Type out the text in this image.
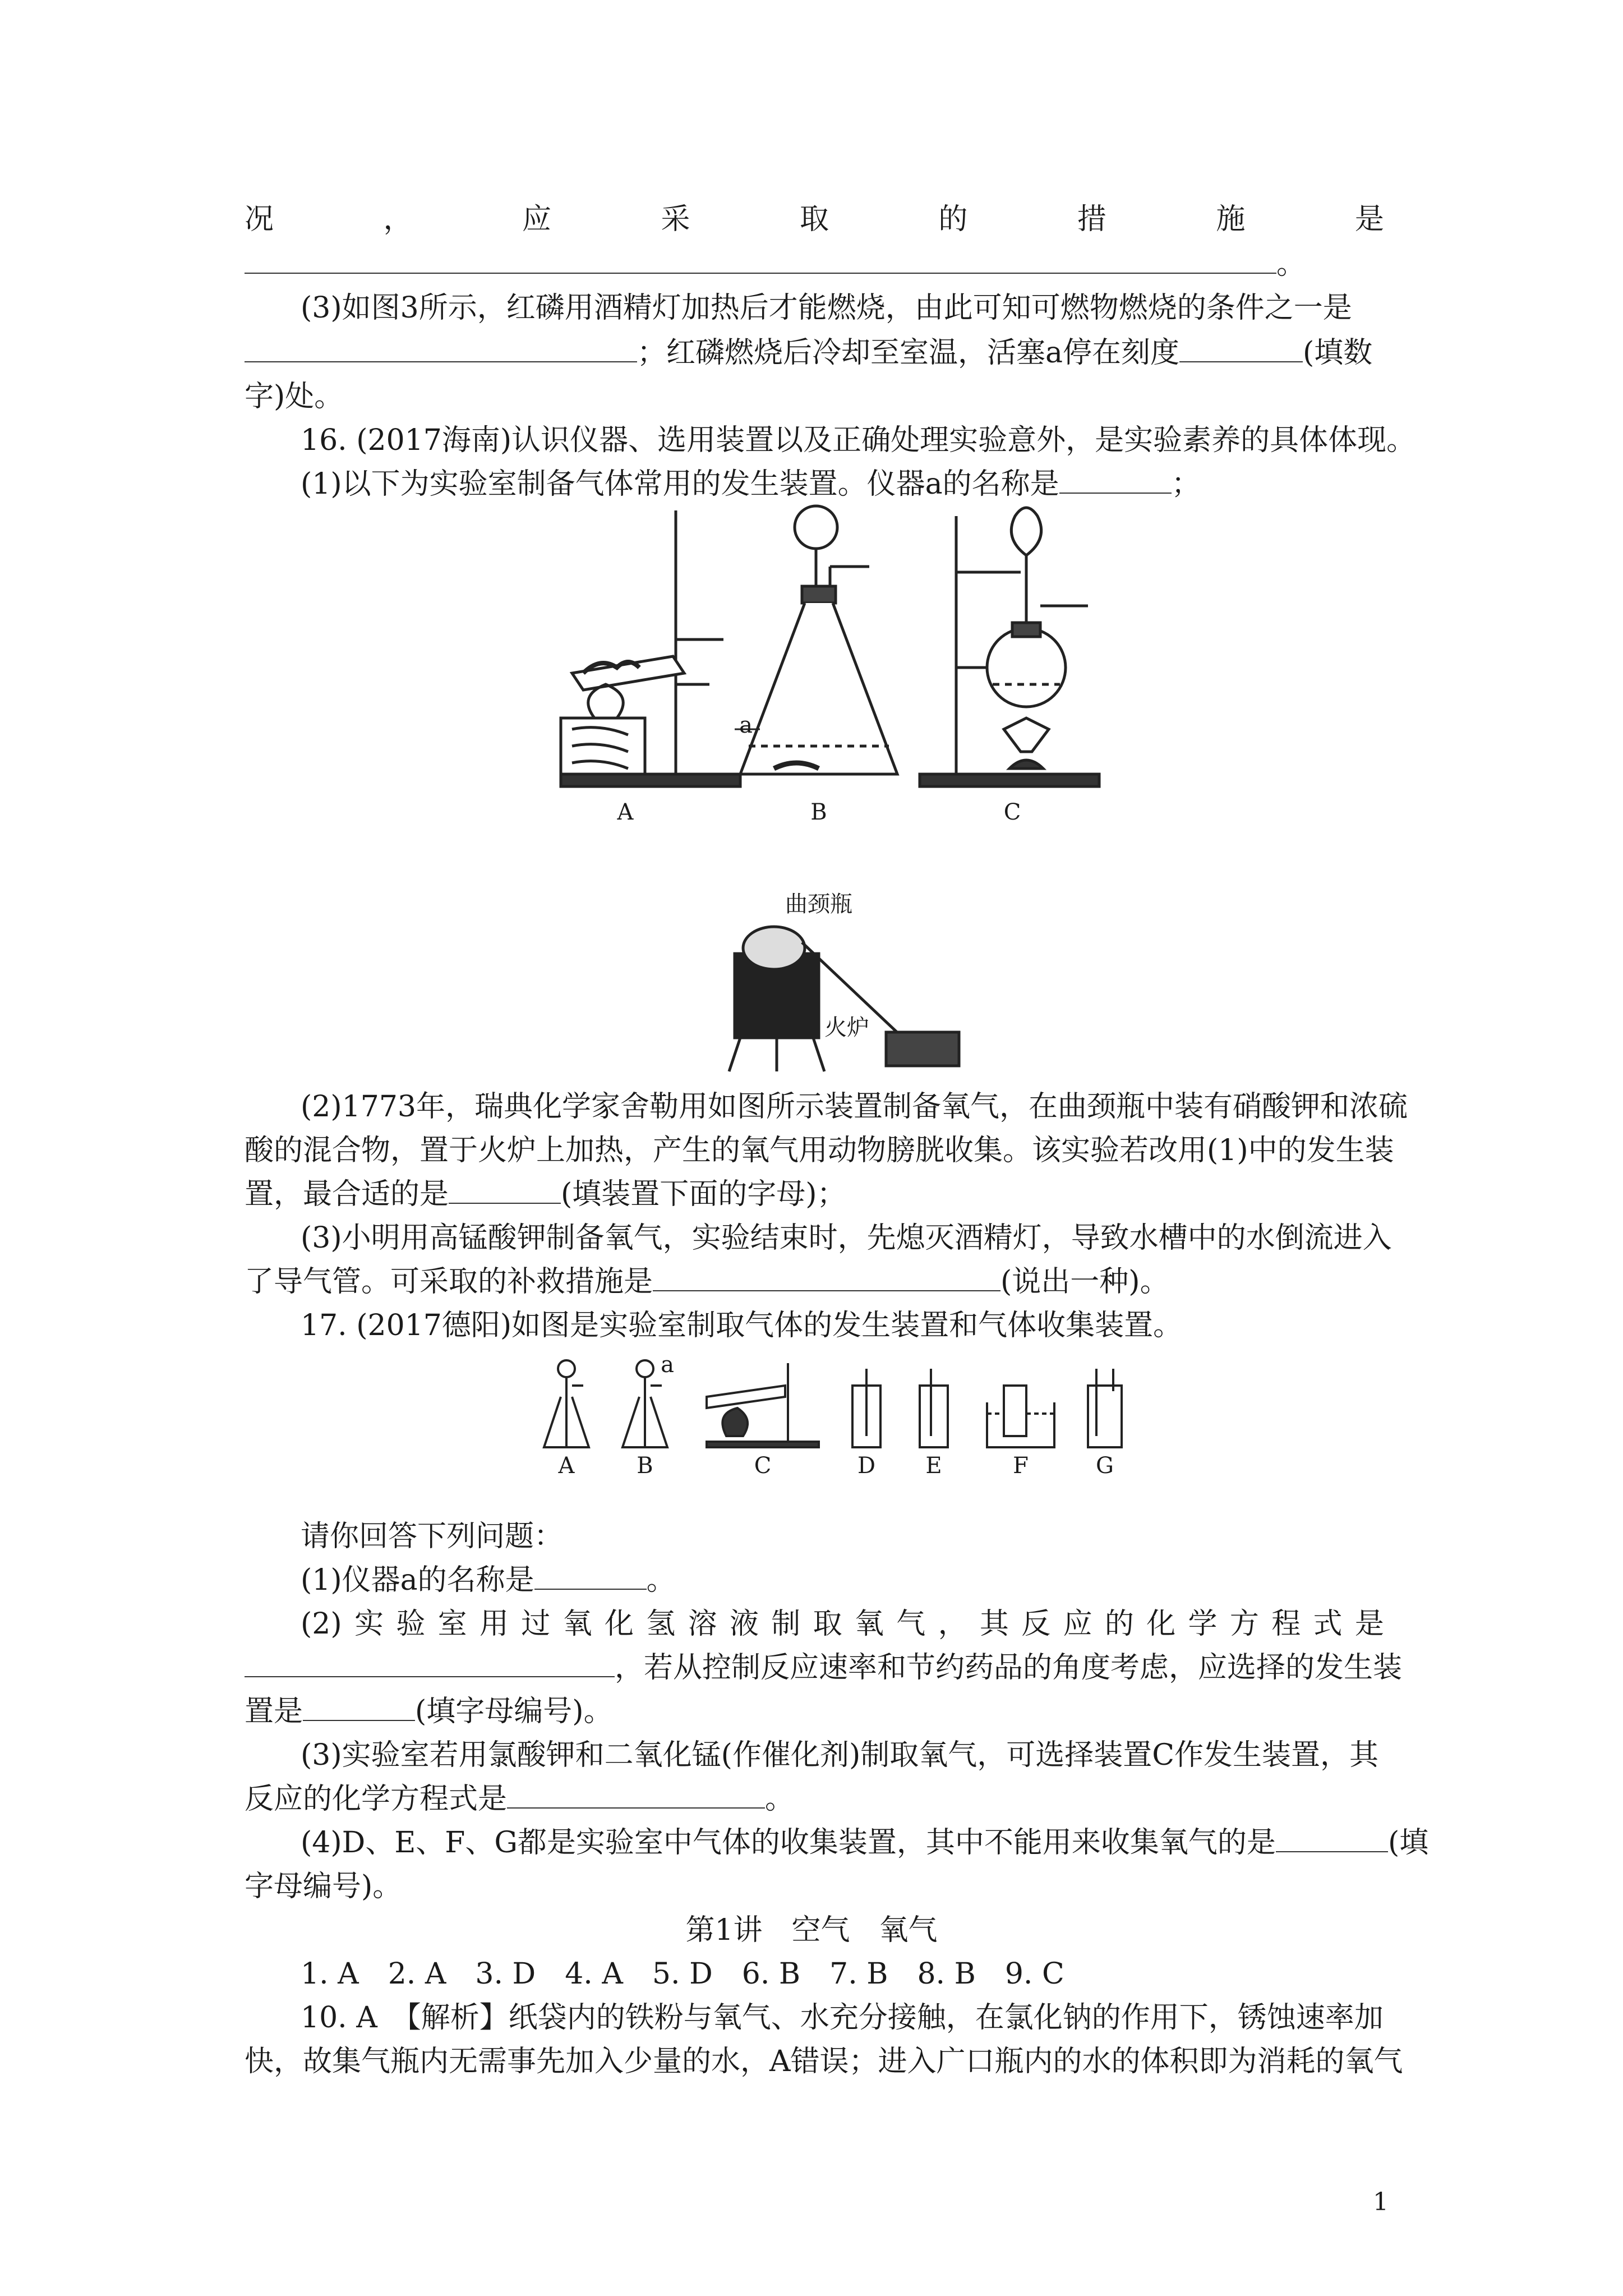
况	，	应	采	取	的	措	施	是
。
(3)如图3所示，红磷用酒精灯加热后才能燃烧，由此可知可燃物燃烧的条件之一是
；红磷燃烧后冷却至室温，活塞a停在刻度	(填数
字)处。
16. (2017海南)认识仪器、选用装置以及正确处理实验意外，是实验素养的具体体现。
(1)以下为实验室制备气体常用的发生装置。仪器a的名称是	；
A	B	C
a
曲颈瓶
火炉
(2)1773年，瑞典化学家舍勒用如图所示装置制备氧气，在曲颈瓶中装有硝酸钾和浓硫
酸的混合物，置于火炉上加热，产生的氧气用动物膀胱收集。该实验若改用(1)中的发生装
置，最合适的是	(填装置下面的字母)；
(3)小明用高锰酸钾制备氧气，实验结束时，先熄灭酒精灯，导致水槽中的水倒流进入
了导气管。可采取的补救措施是	(说出一种)。
17. (2017德阳)如图是实验室制取气体的发生装置和气体收集装置。
A	B	C	D	E	F	G
a
请你回答下列问题：
(1)仪器a的名称是	。
(2) 实 验 室 用 过 氧 化 氢 溶 液 制 取 氧 气 ， 其 反 应 的 化 学 方 程 式 是
，若从控制反应速率和节约药品的角度考虑，应选择的发生装
置是	(填字母编号)。
(3)实验室若用氯酸钾和二氧化锰(作催化剂)制取氧气，可选择装置C作发生装置，其
反应的化学方程式是	。
(4)D、E、F、G都是实验室中气体的收集装置，其中不能用来收集氧气的是	(填
字母编号)。
第1讲　空气　氧气
1. A　2. A　3. D　4. A　5. D　6. B　7. B　8. B　9. C
10. A　【解析】纸袋内的铁粉与氧气、水充分接触，在氯化钠的作用下，锈蚀速率加
快，故集气瓶内无需事先加入少量的水，A错误；进入广口瓶内的水的体积即为消耗的氧气
1
